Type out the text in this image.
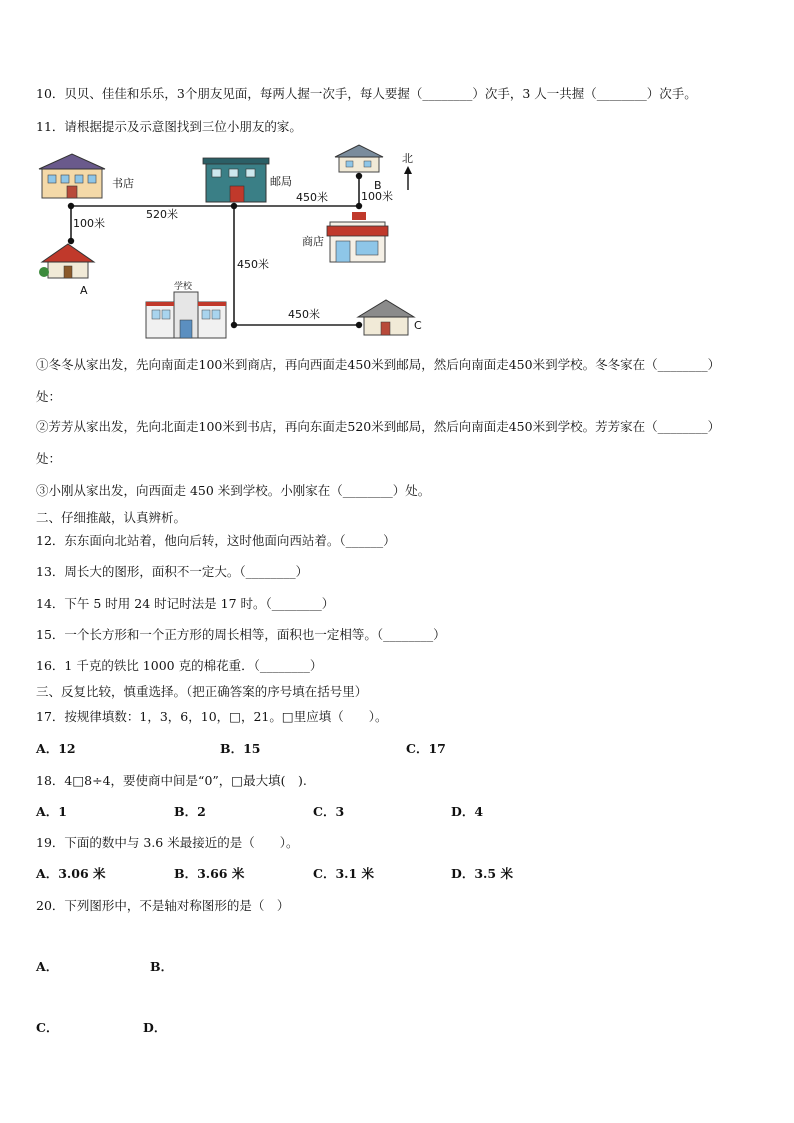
10．贝贝、佳佳和乐乐，3个朋友见面，每两人握一次手，每人要握（________）次手，3 人一共握（________）次手。
11．请根据提示及示意图找到三位小朋友的家。
书店	邮局	B
北
商店
A	学校
C
100米
520米
450米	100米
450米
450米
①冬冬从家出发，先向南面走100米到商店，再向西面走450米到邮局，然后向南面走450米到学校。冬冬家在（________）
处：
②芳芳从家出发，先向北面走100米到书店，再向东面走520米到邮局，然后向南面走450米到学校。芳芳家在（________）
处：
③小刚从家出发，向西面走 450 米到学校。小刚家在（________）处。
二、仔细推敲，认真辨析。
12．东东面向北站着，他向后转，这时他面向西站着。（______）
13．周长大的图形，面积不一定大。（________）
14．下午 5 时用 24 时记时法是 17 时。（________）
15．一个长方形和一个正方形的周长相等，面积也一定相等。（________）
16．1 千克的铁比 1000 克的棉花重．（________）
三、反复比较，慎重选择。（把正确答案的序号填在括号里）
17．按规律填数：1，3，6，10，□，21。□里应填（　　）。
A．12	B．15	C．17
18．4□8÷4，要使商中间是“0”，□最大填(　).
A．1	B．2	C．3	D．4
19．下面的数中与 3.6 米最接近的是（　　）。
A．3.06 米	B．3.66 米	C．3.1 米	D．3.5 米
20．下列图形中，不是轴对称图形的是（　）
A．	B．
C．	D．
